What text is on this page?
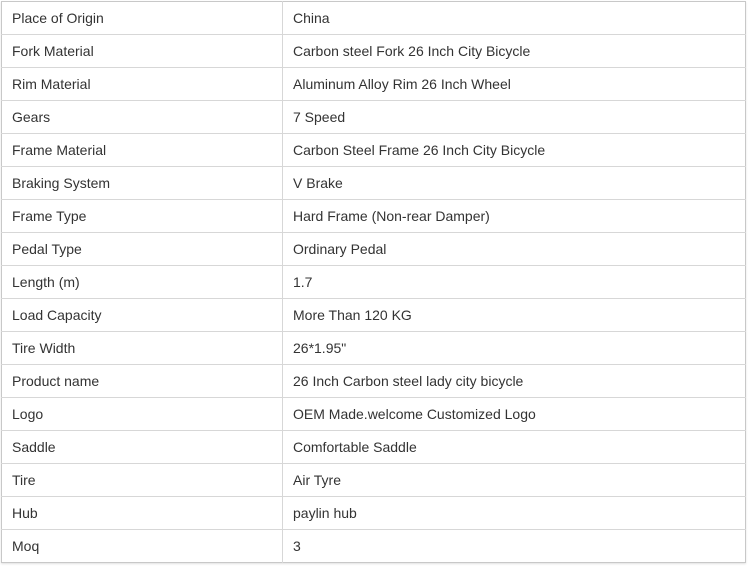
Place of Origin	China
Fork Material	Carbon steel Fork 26 Inch City Bicycle
Rim Material	Aluminum Alloy Rim 26 Inch Wheel
Gears	7 Speed
Frame Material	Carbon Steel Frame 26 Inch City Bicycle
Braking System	V Brake
Frame Type	Hard Frame (Non-rear Damper)
Pedal Type	Ordinary Pedal
Length (m)	1.7
Load Capacity	More Than 120 KG
Tire Width	26*1.95"
Product name	26 Inch Carbon steel lady city bicycle
Logo	OEM Made.welcome Customized Logo
Saddle	Comfortable Saddle
Tire	Air Tyre
Hub	paylin hub
Moq	3
